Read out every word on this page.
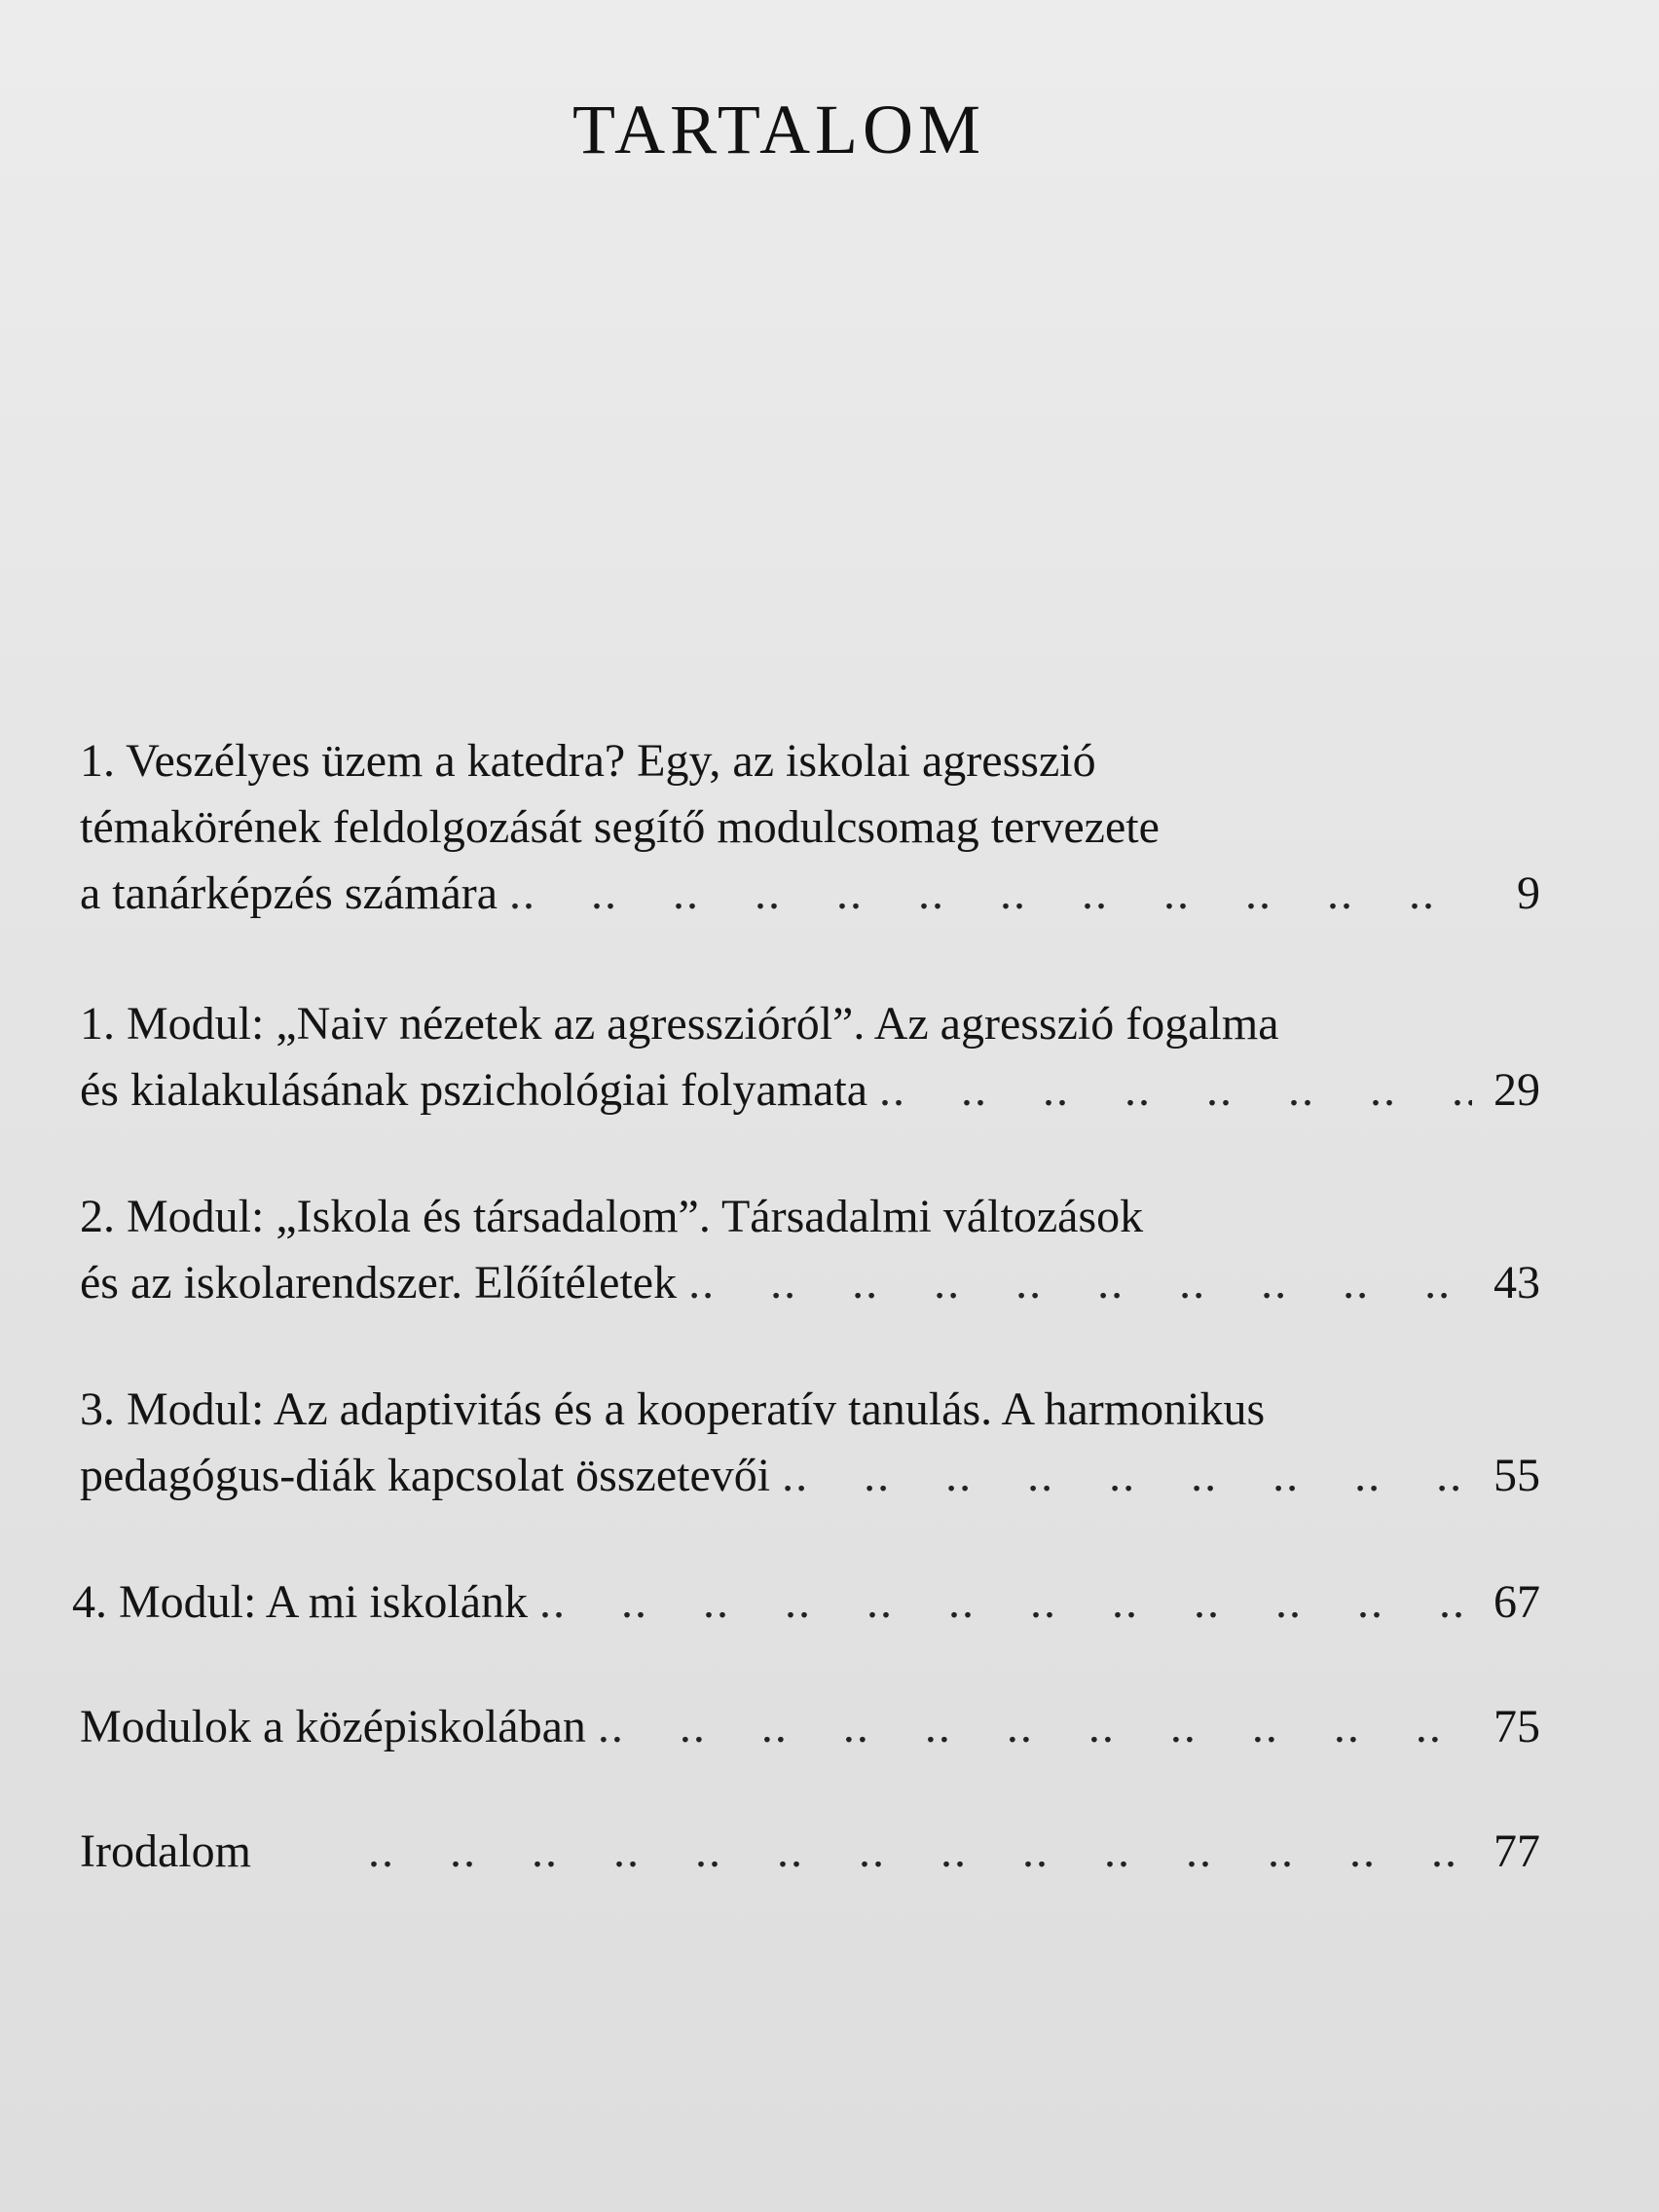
TARTALOM
1. Veszélyes üzem a katedra? Egy, az iskolai agresszió
témakörének feldolgozását segítő modulcsomag tervezete
a tanárképzés számára ..	9
1. Modul: „Naiv nézetek az agresszióról”. Az agresszió fogalma
és kialakulásának pszichológiai folyamata ..	29
2. Modul: „Iskola és társadalom”. Társadalmi változások
és az iskolarendszer. Előítéletek ..	43
3. Modul: Az adaptivitás és a kooperatív tanulás. A harmonikus
pedagógus-diák kapcsolat összetevői ..	55
4. Modul: A mi iskolánk ..	67
Modulok a középiskolában ..	75
Irodalom ..	77
